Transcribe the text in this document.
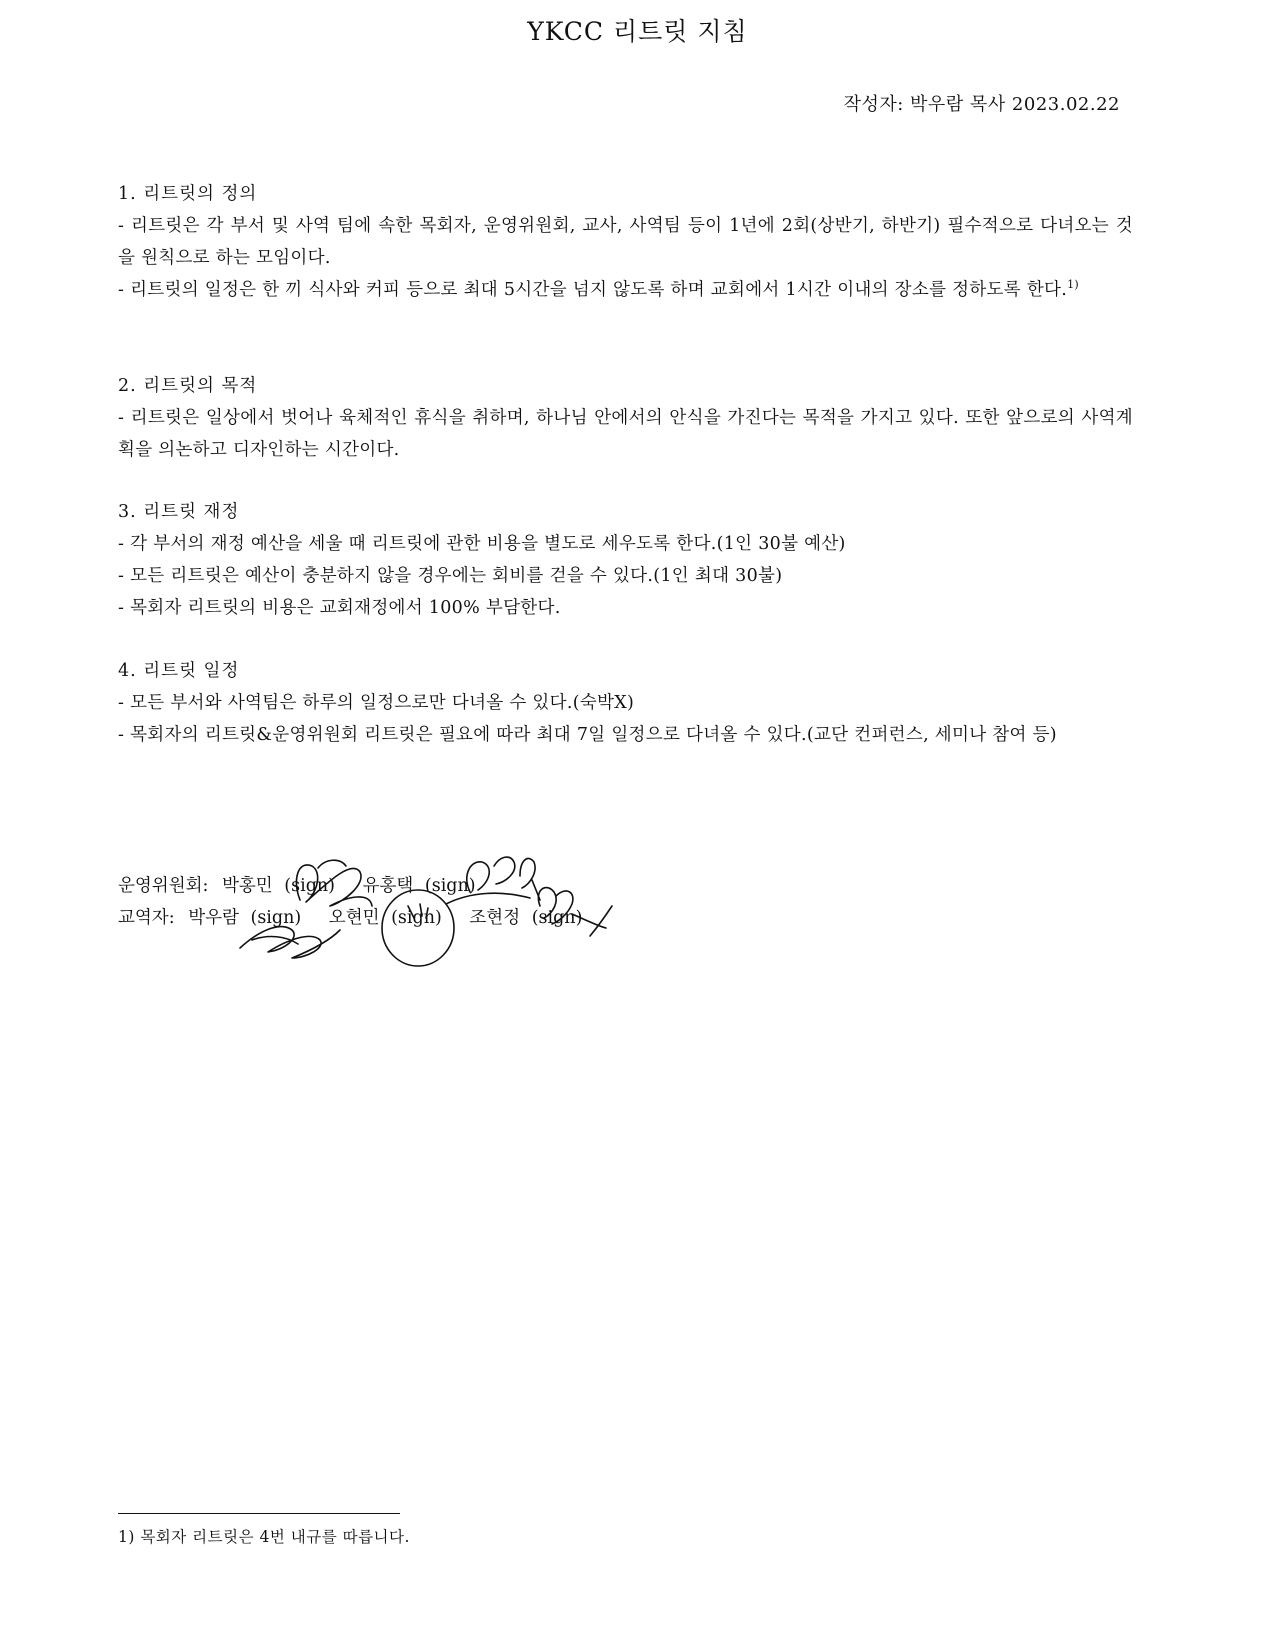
YKCC 리트릿 지침
작성자: 박우람 목사 2023.02.22
1. 리트릿의 정의
- 리트릿은 각 부서 및 사역 팀에 속한 목회자, 운영위원회, 교사, 사역팀 등이 1년에 2회(상반기, 하반기) 필수적으로 다녀오는 것을 원칙으로 하는 모임이다.
- 리트릿의 일정은 한 끼 식사와 커피 등으로 최대 5시간을 넘지 않도록 하며 교회에서 1시간 이내의 장소를 정하도록 한다.$^{1)}$
2. 리트릿의 목적
- 리트릿은 일상에서 벗어나 육체적인 휴식을 취하며, 하나님 안에서의 안식을 가진다는 목적을 가지고 있다. 또한 앞으로의 사역계획을 의논하고 디자인하는 시간이다.
3. 리트릿 재정
- 각 부서의 재정 예산을 세울 때 리트릿에 관한 비용을 별도로 세우도록 한다.(1인 30불 예산)
- 모든 리트릿은 예산이 충분하지 않을 경우에는 회비를 걷을 수 있다.(1인 최대 30불)
- 목회자 리트릿의 비용은 교회재정에서 100% 부담한다.
4. 리트릿 일정
- 모든 부서와 사역팀은 하루의 일정으로만 다녀올 수 있다.(숙박X)
- 목회자의 리트릿&운영위원회 리트릿은 필요에 따라 최대 7일 일정으로 다녀올 수 있다.(교단 컨퍼런스, 세미나 참여 등)
운영위원회: 박홍민 (sign) 유홍택 (sign)
교역자: 박우람 (sign) 오현민 (sign) 조현정 (sign)
1) 목회자 리트릿은 4번 내규를 따릅니다.
